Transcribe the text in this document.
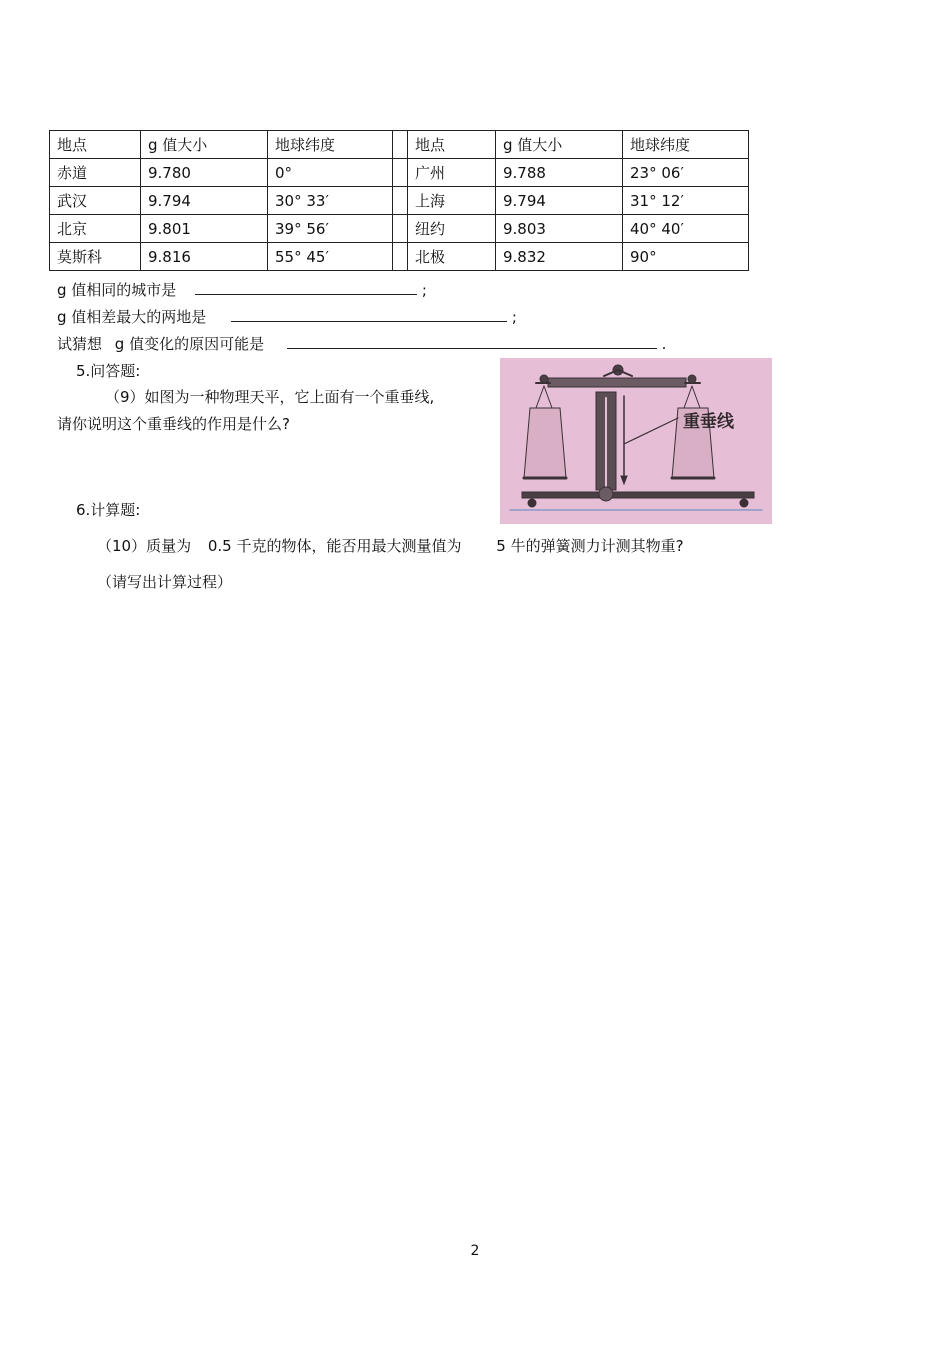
地点	g 值大小	地球纬度		地点	g 值大小	地球纬度
赤道	9.780	0°		广州	9.788	23° 06′
武汉	9.794	30° 33′		上海	9.794	31° 12′
北京	9.801	39° 56′		纽约	9.803	40° 40′
莫斯科	9.816	55° 45′		北极	9.832	90°
g 值相同的城市是	;
g 值相差最大的两地是	;
试猜想 g 值变化的原因可能是	.
5.问答题:
（9）如图为一种物理天平，它上面有一个重垂线,
请你说明这个重垂线的作用是什么?	重垂线
6.计算题:
（10）质量为 0.5 千克的物体，能否用最大测量值为 5 牛的弹簧测力计测其物重?
（请写出计算过程）
2
